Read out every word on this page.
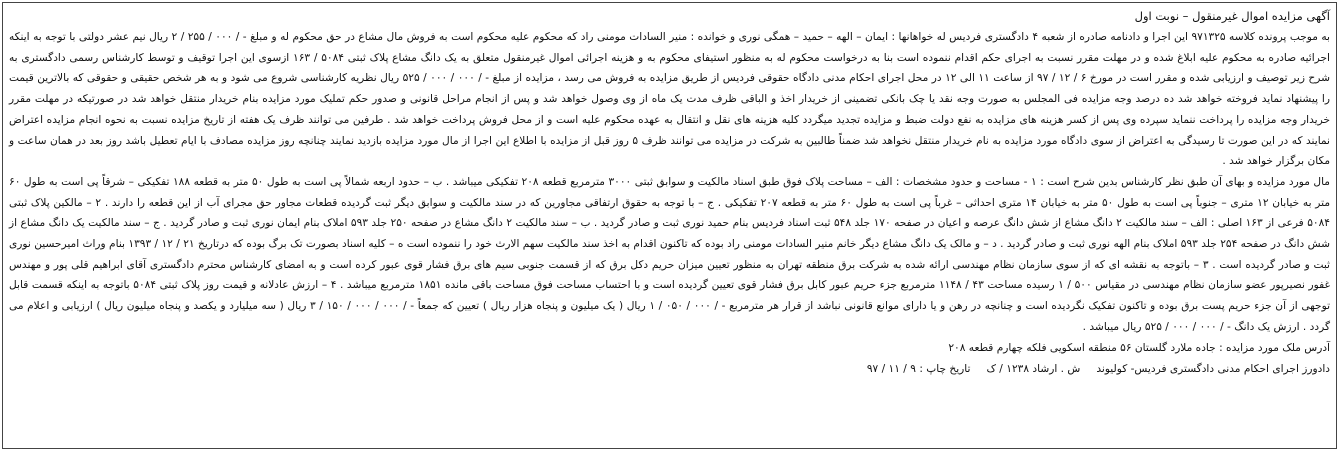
آگهی مزایده اموال غیرمنقول – نوبت اول

به موجب پرونده کلاسه ۹۷۱۳۲۵ این اجرا و دادنامه صادره از شعبه ۴ دادگستری فردیس له خواهانها : ایمان – الهه – حمید – همگی نوری و خوانده : منیر السادات مومنی راد که محکوم علیه محکوم است به فروش مال مشاع در حق محکوم له و مبلغ - / ۰۰۰ / ۲۵۵ / ۲ ریال نیم عشر دولتی با توجه به اینکه اجرائیه صادره به محکوم علیه ابلاغ شده و در مهلت مقرر نسبت به اجرای حکم اقدام ننموده است بنا به درخواست محکوم له به منظور استیفای محکوم به و هزینه اجرائی اموال غیرمنقول متعلق به یک دانگ مشاع پلاک ثبتی ۵۰۸۴ / ۱۶۳ ازسوی این اجرا توقیف و توسط کارشناس رسمی دادگستری به شرح زیر توصیف و ارزیابی شده و مقرر است در مورخ ۶ / ۱۲ / ۹۷ از ساعت ۱۱ الی ۱۲ در محل اجرای احکام مدنی دادگاه حقوقی فردیس از طریق مزایده به فروش می رسد ، مزایده از مبلغ - / ۰۰۰ / ۰۰۰ / ۵۲۵ ریال نظریه کارشناسی شروع می شود و به هر شخص حقیقی و حقوقی که بالاترین قیمت را پیشنهاد نماید فروخته خواهد شد ده درصد وجه مزایده فی المجلس به صورت وجه نقد یا چک بانکی تضمینی از خریدار اخذ و الباقی ظرف مدت یک ماه از وی وصول خواهد شد و پس از انجام مراحل قانونی و صدور حکم تملیک مورد مزایده بنام خریدار منتقل خواهد شد در صورتیکه در مهلت مقرر خریدار وجه مزایده را پرداخت ننماید سپرده وی پس از کسر هزینه های مزایده به نفع دولت ضبط و مزایده تجدید میگردد کلیه هزینه های نقل و انتقال به عهده محکوم علیه است و از محل فروش پرداخت خواهد شد . طرفین می توانند ظرف یک هفته از تاریخ مزایده نسبت به نحوه انجام مزایده اعتراض نمایند که در این صورت تا رسیدگی به اعتراض از سوی دادگاه مورد مزایده به نام خریدار منتقل نخواهد شد ضمناً طالبین به شرکت در مزایده می توانند ظرف ۵ روز قبل از مزایده با اطلاع این اجرا از مال مورد مزایده بازدید نمایند چنانچه روز مزایده مصادف با ایام تعطیل باشد روز بعد در همان ساعت و مکان برگزار خواهد شد .

مال مورد مزایده و بهای آن طبق نظر کارشناس بدین شرح است : ۱ - مساحت و حدود مشخصات : الف – مساحت پلاک فوق طبق اسناد مالکیت و سوابق ثبتی ۳۰۰۰ مترمربع قطعه ۲۰۸ تفکیکی میباشد . ب – حدود اربعه شمالاً پی است به طول ۵۰ متر به قطعه ۱۸۸ تفکیکی – شرقاً پی است به طول ۶۰ متر به خیابان ۱۲ متری – جنوباً پی است به طول ۵۰ متر به خیابان ۱۴ متری احداثی – غرباً پی است به طول ۶۰ متر به قطعه ۲۰۷ تفکیکی . ج – با توجه به حقوق ارتفاقی مجاورین که در سند مالکیت و سوابق دیگر ثبت گردیده قطعات مجاور حق مجرای آب از این قطعه را دارند . ۲ – مالکین پلاک ثبتی ۵۰۸۴ فرعی از ۱۶۳ اصلی : الف – سند مالکیت ۲ دانگ مشاع از شش دانگ عرصه و اعیان در صفحه ۱۷۰ جلد ۵۴۸ ثبت اسناد فردیس بنام حمید نوری ثبت و صادر گردید . ب – سند مالکیت ۲ دانگ مشاع در صفحه ۲۵۰ جلد ۵۹۳ املاک بنام ایمان نوری ثبت و صادر گردید . ج – سند مالکیت یک دانگ مشاع از شش دانگ در صفحه ۲۵۴ جلد ۵۹۳ املاک بنام الهه نوری ثبت و صادر گردید . د – و مالک یک دانگ مشاع دیگر خانم منیر السادات مومنی راد بوده که تاکنون اقدام به اخذ سند مالکیت سهم الارث خود را ننموده است ه – کلیه اسناد بصورت تک برگ بوده که درتاریخ ۲۱ / ۱۲ / ۱۳۹۳ بنام وراث امیرحسین نوری ثبت و صادر گردیده است . ۳ – باتوجه به نقشه ای که از سوی سازمان نظام مهندسی ارائه شده به شرکت برق منطقه تهران به منظور تعیین میزان حریم دکل برق که از قسمت جنوبی سیم های برق فشار قوی عبور کرده است و به امضای کارشناس محترم دادگستری آقای ابراهیم قلی پور و مهندس غفور نصیرپور عضو سازمان نظام مهندسی در مقیاس ۵۰۰ / ۱ رسیده مساحت ۴۳ / ۱۱۴۸ مترمربع جزء حریم عبور کابل برق فشار قوی تعیین گردیده است و با احتساب مساحت فوق مساحت باقی مانده ۱۸۵۱ مترمربع میباشد . ۴ – ارزش عادلانه و قیمت روز پلاک ثبتی ۵۰۸۴ باتوجه به اینکه قسمت قابل توجهی از آن جزء حریم پست برق بوده و تاکنون تفکیک نگردیده است و چنانچه در رهن و یا دارای موانع قانونی نباشد از قرار هر مترمربع - / ۰۰۰ / ۰۵۰ / ۱ ریال ( یک میلیون و پنجاه هزار ریال ) تعیین که جمعاً - / ۰۰۰ / ۰۰۰ / ۱۵۰ / ۳ ریال ( سه میلیارد و یکصد و پنجاه میلیون ریال ) ارزیابی و اعلام می گردد . ارزش یک دانگ - / ۰۰۰ / ۰۰۰ / ۵۲۵ ریال میباشد .

آدرس ملک مورد مزایده : جاده ملارد گلستان ۵۶ منطقه اسکویی فلکه چهارم قطعه ۲۰۸

دادورز اجرای احکام مدنی دادگستری فردیس- کولیوند
ش . ارشاد ۱۲۳۸ / ک
تاریخ چاپ : ۹ / ۱۱ / ۹۷
